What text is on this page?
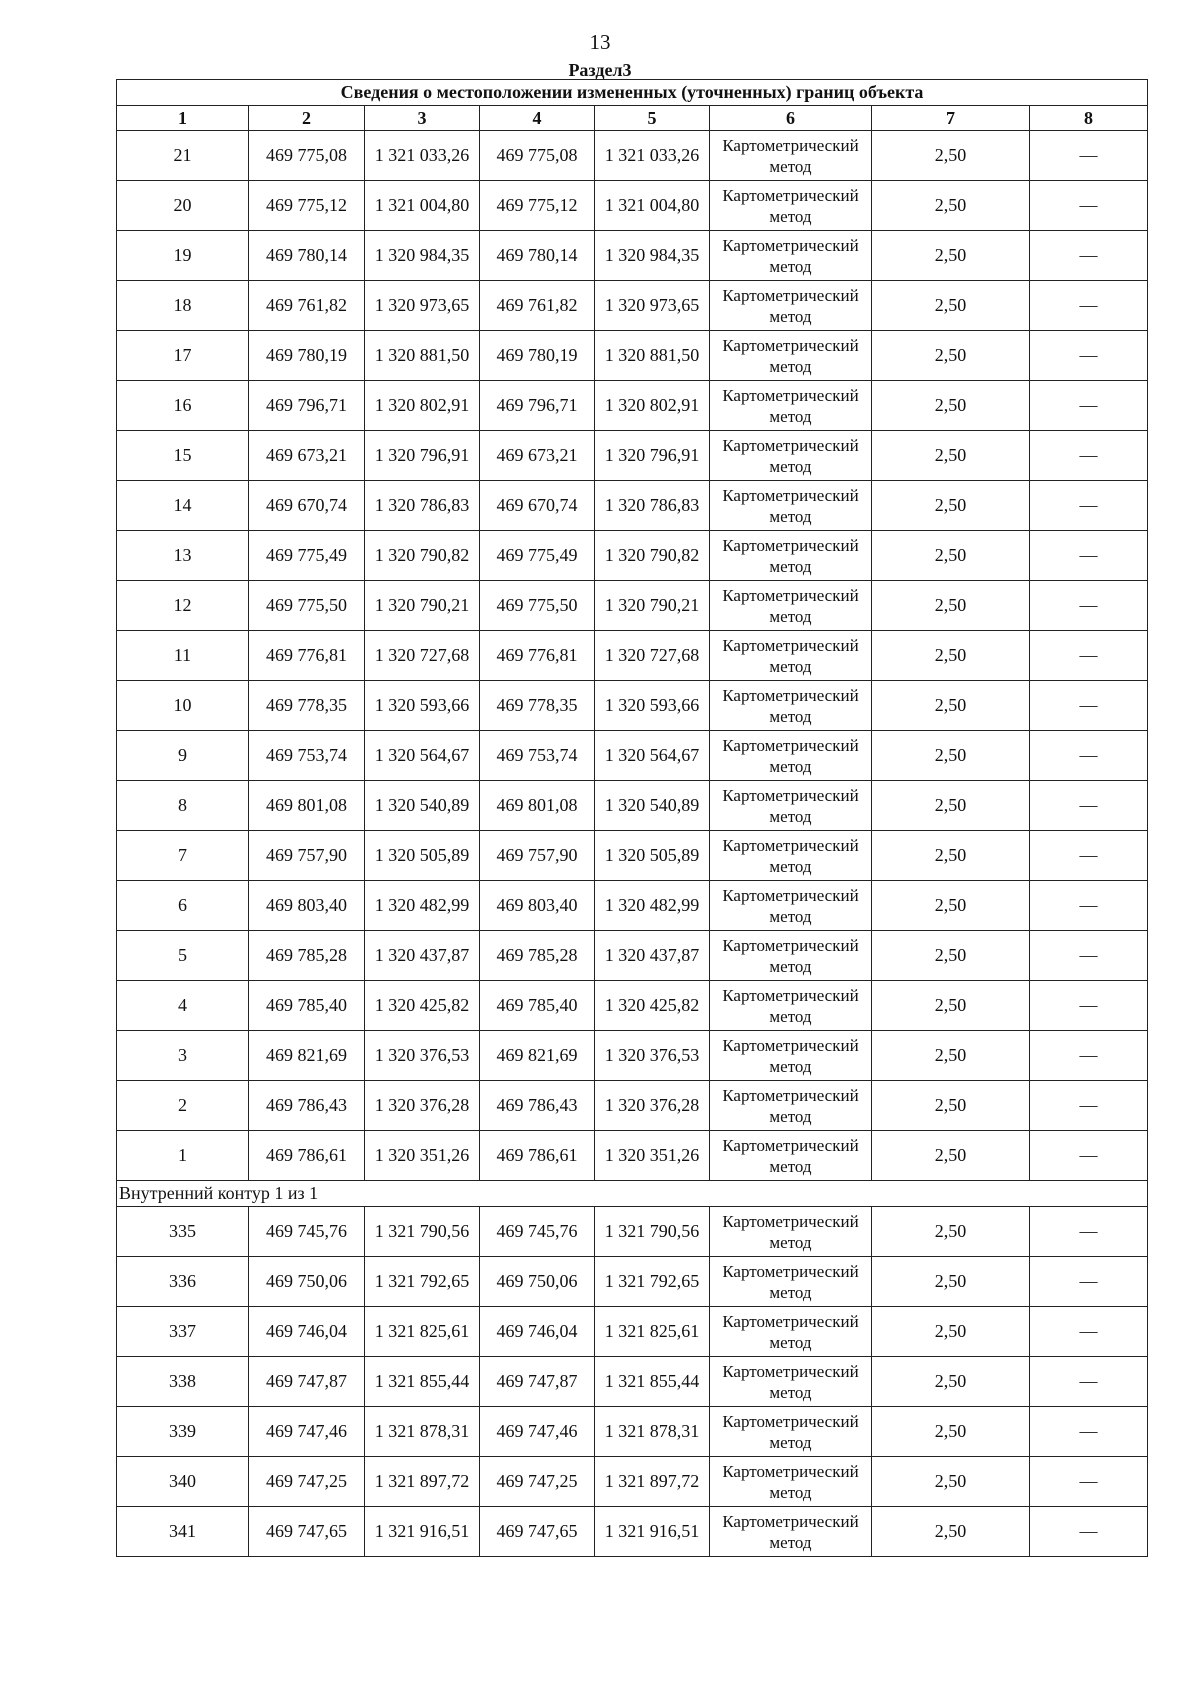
13
Раздел3
Сведения о местоположении измененных (уточненных) границ объекта							
1	2	3	4	5	6	7	8
21	469 775,08	1 321 033,26	469 775,08	1 321 033,26	Картометрический метод	2,50	—
20	469 775,12	1 321 004,80	469 775,12	1 321 004,80	Картометрический метод	2,50	—
19	469 780,14	1 320 984,35	469 780,14	1 320 984,35	Картометрический метод	2,50	—
18	469 761,82	1 320 973,65	469 761,82	1 320 973,65	Картометрический метод	2,50	—
17	469 780,19	1 320 881,50	469 780,19	1 320 881,50	Картометрический метод	2,50	—
16	469 796,71	1 320 802,91	469 796,71	1 320 802,91	Картометрический метод	2,50	—
15	469 673,21	1 320 796,91	469 673,21	1 320 796,91	Картометрический метод	2,50	—
14	469 670,74	1 320 786,83	469 670,74	1 320 786,83	Картометрический метод	2,50	—
13	469 775,49	1 320 790,82	469 775,49	1 320 790,82	Картометрический метод	2,50	—
12	469 775,50	1 320 790,21	469 775,50	1 320 790,21	Картометрический метод	2,50	—
11	469 776,81	1 320 727,68	469 776,81	1 320 727,68	Картометрический метод	2,50	—
10	469 778,35	1 320 593,66	469 778,35	1 320 593,66	Картометрический метод	2,50	—
9	469 753,74	1 320 564,67	469 753,74	1 320 564,67	Картометрический метод	2,50	—
8	469 801,08	1 320 540,89	469 801,08	1 320 540,89	Картометрический метод	2,50	—
7	469 757,90	1 320 505,89	469 757,90	1 320 505,89	Картометрический метод	2,50	—
6	469 803,40	1 320 482,99	469 803,40	1 320 482,99	Картометрический метод	2,50	—
5	469 785,28	1 320 437,87	469 785,28	1 320 437,87	Картометрический метод	2,50	—
4	469 785,40	1 320 425,82	469 785,40	1 320 425,82	Картометрический метод	2,50	—
3	469 821,69	1 320 376,53	469 821,69	1 320 376,53	Картометрический метод	2,50	—
2	469 786,43	1 320 376,28	469 786,43	1 320 376,28	Картометрический метод	2,50	—
1	469 786,61	1 320 351,26	469 786,61	1 320 351,26	Картометрический метод	2,50	—
Внутренний контур 1 из 1							
335	469 745,76	1 321 790,56	469 745,76	1 321 790,56	Картометрический метод	2,50	—
336	469 750,06	1 321 792,65	469 750,06	1 321 792,65	Картометрический метод	2,50	—
337	469 746,04	1 321 825,61	469 746,04	1 321 825,61	Картометрический метод	2,50	—
338	469 747,87	1 321 855,44	469 747,87	1 321 855,44	Картометрический метод	2,50	—
339	469 747,46	1 321 878,31	469 747,46	1 321 878,31	Картометрический метод	2,50	—
340	469 747,25	1 321 897,72	469 747,25	1 321 897,72	Картометрический метод	2,50	—
341	469 747,65	1 321 916,51	469 747,65	1 321 916,51	Картометрический метод	2,50	—
